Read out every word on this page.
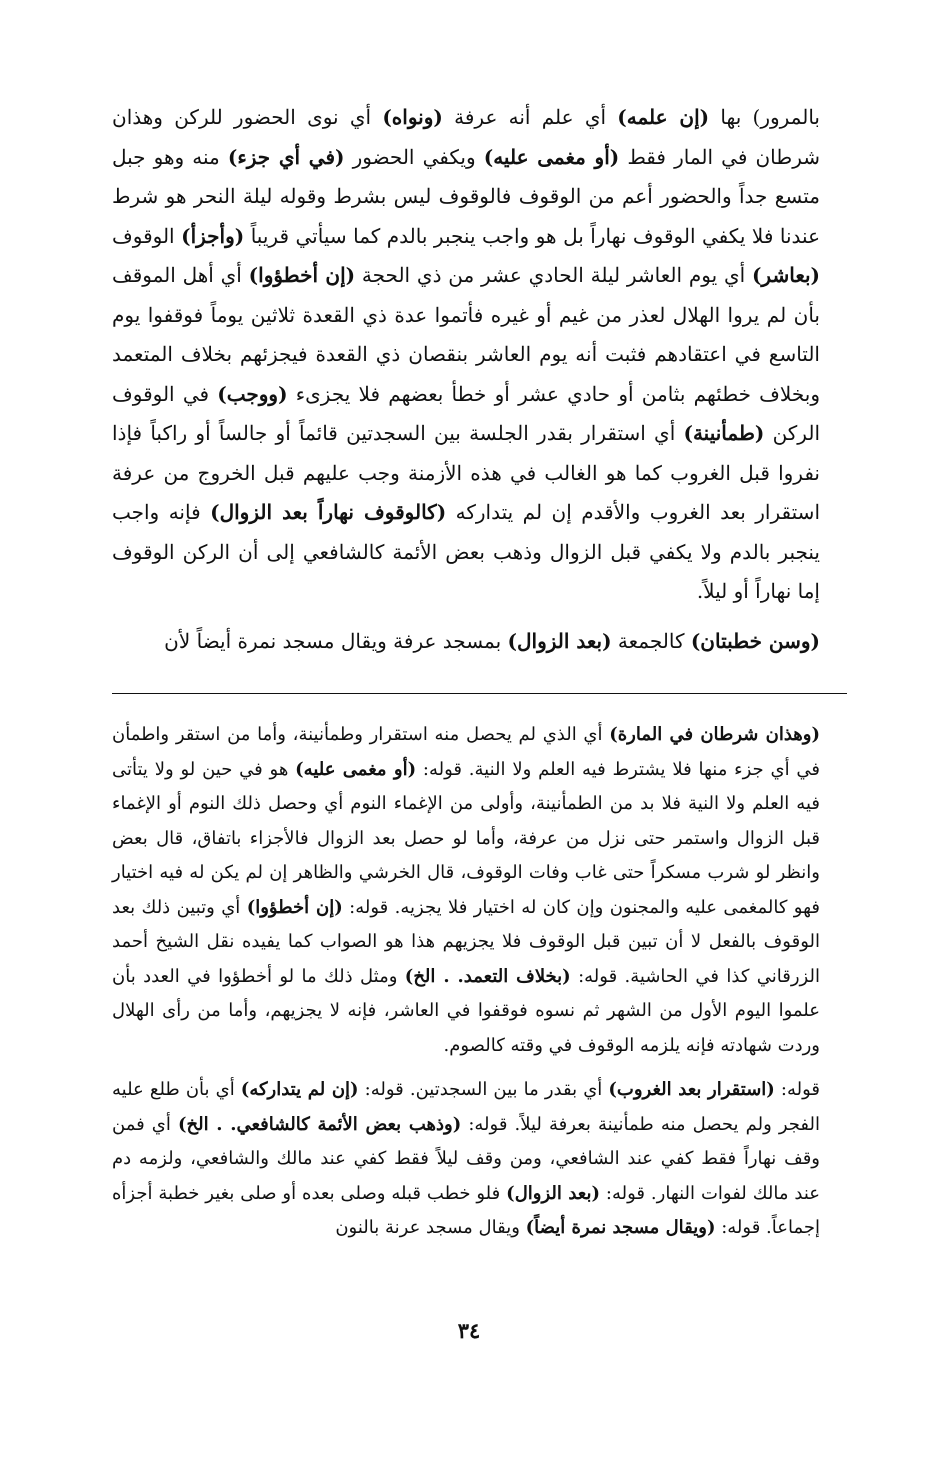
بالمرور) بها (إن علمه) أي علم أنه عرفة (ونواه) أي نوى الحضور للركن وهذان شرطان في المار فقط (أو مغمى عليه) ويكفي الحضور (في أي جزء) منه وهو جبل متسع جداً والحضور أعم من الوقوف فالوقوف ليس بشرط وقوله ليلة النحر هو شرط عندنا فلا يكفي الوقوف نهاراً بل هو واجب ينجبر بالدم كما سيأتي قريباً (وأجزأ) الوقوف (بعاشر) أي يوم العاشر ليلة الحادي عشر من ذي الحجة (إن أخطؤوا) أي أهل الموقف بأن لم يروا الهلال لعذر من غيم أو غيره فأتموا عدة ذي القعدة ثلاثين يوماً فوقفوا يوم التاسع في اعتقادهم فثبت أنه يوم العاشر بنقصان ذي القعدة فيجزئهم بخلاف المتعمد وبخلاف خطئهم بثامن أو حادي عشر أو خطأ بعضهم فلا يجزىء (ووجب) في الوقوف الركن (طمأنينة) أي استقرار بقدر الجلسة بين السجدتين قائماً أو جالساً أو راكباً فإذا نفروا قبل الغروب كما هو الغالب في هذه الأزمنة وجب عليهم قبل الخروج من عرفة استقرار بعد الغروب والأقدم إن لم يتداركه (كالوقوف نهاراً بعد الزوال) فإنه واجب ينجبر بالدم ولا يكفي قبل الزوال وذهب بعض الأئمة كالشافعي إلى أن الركن الوقوف إما نهاراً أو ليلاً.

(وسن خطبتان) كالجمعة (بعد الزوال) بمسجد عرفة ويقال مسجد نمرة أيضاً لأن

(وهذان شرطان في المارة) أي الذي لم يحصل منه استقرار وطمأنينة، وأما من استقر واطمأن في أي جزء منها فلا يشترط فيه العلم ولا النية. قوله: (أو مغمى عليه) هو في حين لو ولا يتأتى فيه العلم ولا النية فلا بد من الطمأنينة، وأولى من الإغماء النوم أي وحصل ذلك النوم أو الإغماء قبل الزوال واستمر حتى نزل من عرفة، وأما لو حصل بعد الزوال فالأجزاء باتفاق، قال بعض وانظر لو شرب مسكراً حتى غاب وفات الوقوف، قال الخرشي والظاهر إن لم يكن له فيه اختيار فهو كالمغمى عليه والمجنون وإن كان له اختيار فلا يجزيه. قوله: (إن أخطؤوا) أي وتبين ذلك بعد الوقوف بالفعل لا أن تبين قبل الوقوف فلا يجزيهم هذا هو الصواب كما يفيده نقل الشيخ أحمد الزرقاني كذا في الحاشية. قوله: (بخلاف التعمد. . الخ) ومثل ذلك ما لو أخطؤوا في العدد بأن علموا اليوم الأول من الشهر ثم نسوه فوقفوا في العاشر، فإنه لا يجزيهم، وأما من رأى الهلال وردت شهادته فإنه يلزمه الوقوف في وقته كالصوم.

قوله: (استقرار بعد الغروب) أي بقدر ما بين السجدتين. قوله: (إن لم يتداركه) أي بأن طلع عليه الفجر ولم يحصل منه طمأنينة بعرفة ليلاً. قوله: (وذهب بعض الأئمة كالشافعي. . الخ) أي فمن وقف نهاراً فقط كفي عند الشافعي، ومن وقف ليلاً فقط كفي عند مالك والشافعي، ولزمه دم عند مالك لفوات النهار. قوله: (بعد الزوال) فلو خطب قبله وصلى بعده أو صلى بغير خطبة أجزأه إجماعاً. قوله: (ويقال مسجد نمرة أيضاً) ويقال مسجد عرنة بالنون

٣٤
